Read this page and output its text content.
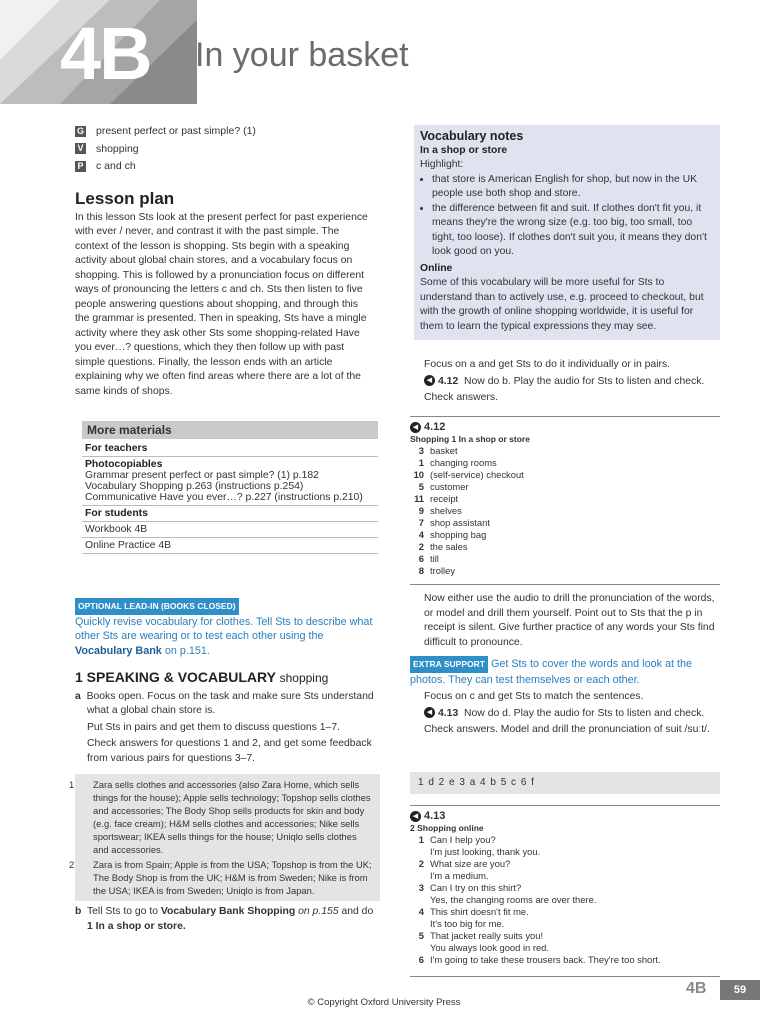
4B In your basket
G present perfect or past simple? (1)
V shopping
P c and ch
Lesson plan

In this lesson Sts look at the present perfect for past experience with ever / never, and contrast it with the past simple. The context of the lesson is shopping. Sts begin with a speaking activity about global chain stores, and a vocabulary focus on shopping. This is followed by a pronunciation focus on different ways of pronouncing the letters c and ch. Sts then listen to five people answering questions about shopping, and through this the grammar is presented. Then in speaking, Sts have a mingle activity where they ask other Sts some shopping-related Have you ever…? questions, which they then follow up with past simple questions. Finally, the lesson ends with an article explaining why we often find areas where there are a lot of the same kinds of shops.

More materials
For teachers
Photocopiables
Grammar present perfect or past simple? (1) p.182
Vocabulary Shopping p.263 (instructions p.254)
Communicative Have you ever…? p.227 (instructions p.210)
For students
Workbook 4B
Online Practice 4B
OPTIONAL LEAD-IN (BOOKS CLOSED)

Quickly revise vocabulary for clothes. Tell Sts to describe what other Sts are wearing or to test each other using the Vocabulary Bank on p.151.

1 SPEAKING & VOCABULARY shopping

a Books open. Focus on the task and make sure Sts understand what a global chain store is.

Put Sts in pairs and get them to discuss questions 1–7.

Check answers for questions 1 and 2, and get some feedback from various pairs for questions 3–7.

1 Zara sells clothes and accessories (also Zara Home, which sells things for the house); Apple sells technology; Topshop sells clothes and accessories; The Body Shop sells products for skin and body (e.g. face cream); H&M sells clothes and accessories; Nike sells sportswear; IKEA sells things for the house; Uniqlo sells clothes and accessories.
2 Zara is from Spain; Apple is from the USA; Topshop is from the UK; The Body Shop is from the UK; H&M is from Sweden; Nike is from the USA; IKEA is from Sweden; Uniqlo is from Japan.

b Tell Sts to go to Vocabulary Bank Shopping on p.155 and do 1 In a shop or store.

Vocabulary notes
In a shop or store
Highlight:
• that store is American English for shop, but now in the UK people use both shop and store.
• the difference between fit and suit. If clothes don't fit you, it means they're the wrong size (e.g. too big, too small, too tight, too loose). If clothes don't suit you, it means they don't look good on you.
Online
Some of this vocabulary will be more useful for Sts to understand than to actively use, e.g. proceed to checkout, but with the growth of online shopping worldwide, it is useful for them to learn the typical expressions they may see.

Focus on a and get Sts to do it individually or in pairs.

◀ 4.12 Now do b. Play the audio for Sts to listen and check.

Check answers.

◀ 4.12
Shopping 1 In a shop or store
3 basket
1 changing rooms
10 (self-service) checkout
5 customer
11 receipt
9 shelves
7 shop assistant
4 shopping bag
2 the sales
6 till
8 trolley

Now either use the audio to drill the pronunciation of the words, or model and drill them yourself. Point out to Sts that the p in receipt is silent. Give further practice of any words your Sts find difficult to pronounce.

EXTRA SUPPORT Get Sts to cover the words and look at the photos. They can test themselves or each other.

Focus on c and get Sts to match the sentences.

◀ 4.13 Now do d. Play the audio for Sts to listen and check.

Check answers. Model and drill the pronunciation of suit /suːt/.

1 d 2 e 3 a 4 b 5 c 6 f
◀ 4.13
2 Shopping online
1 Can I help you?
I'm just looking, thank you.
2 What size are you?
I'm a medium.
3 Can I try on this shirt?
Yes, the changing rooms are over there.
4 This shirt doesn't fit me.
It's too big for me.
5 That jacket really suits you!
You always look good in red.
6 I'm going to take these trousers back. They're too short.
4B	59
© Copyright Oxford University Press
